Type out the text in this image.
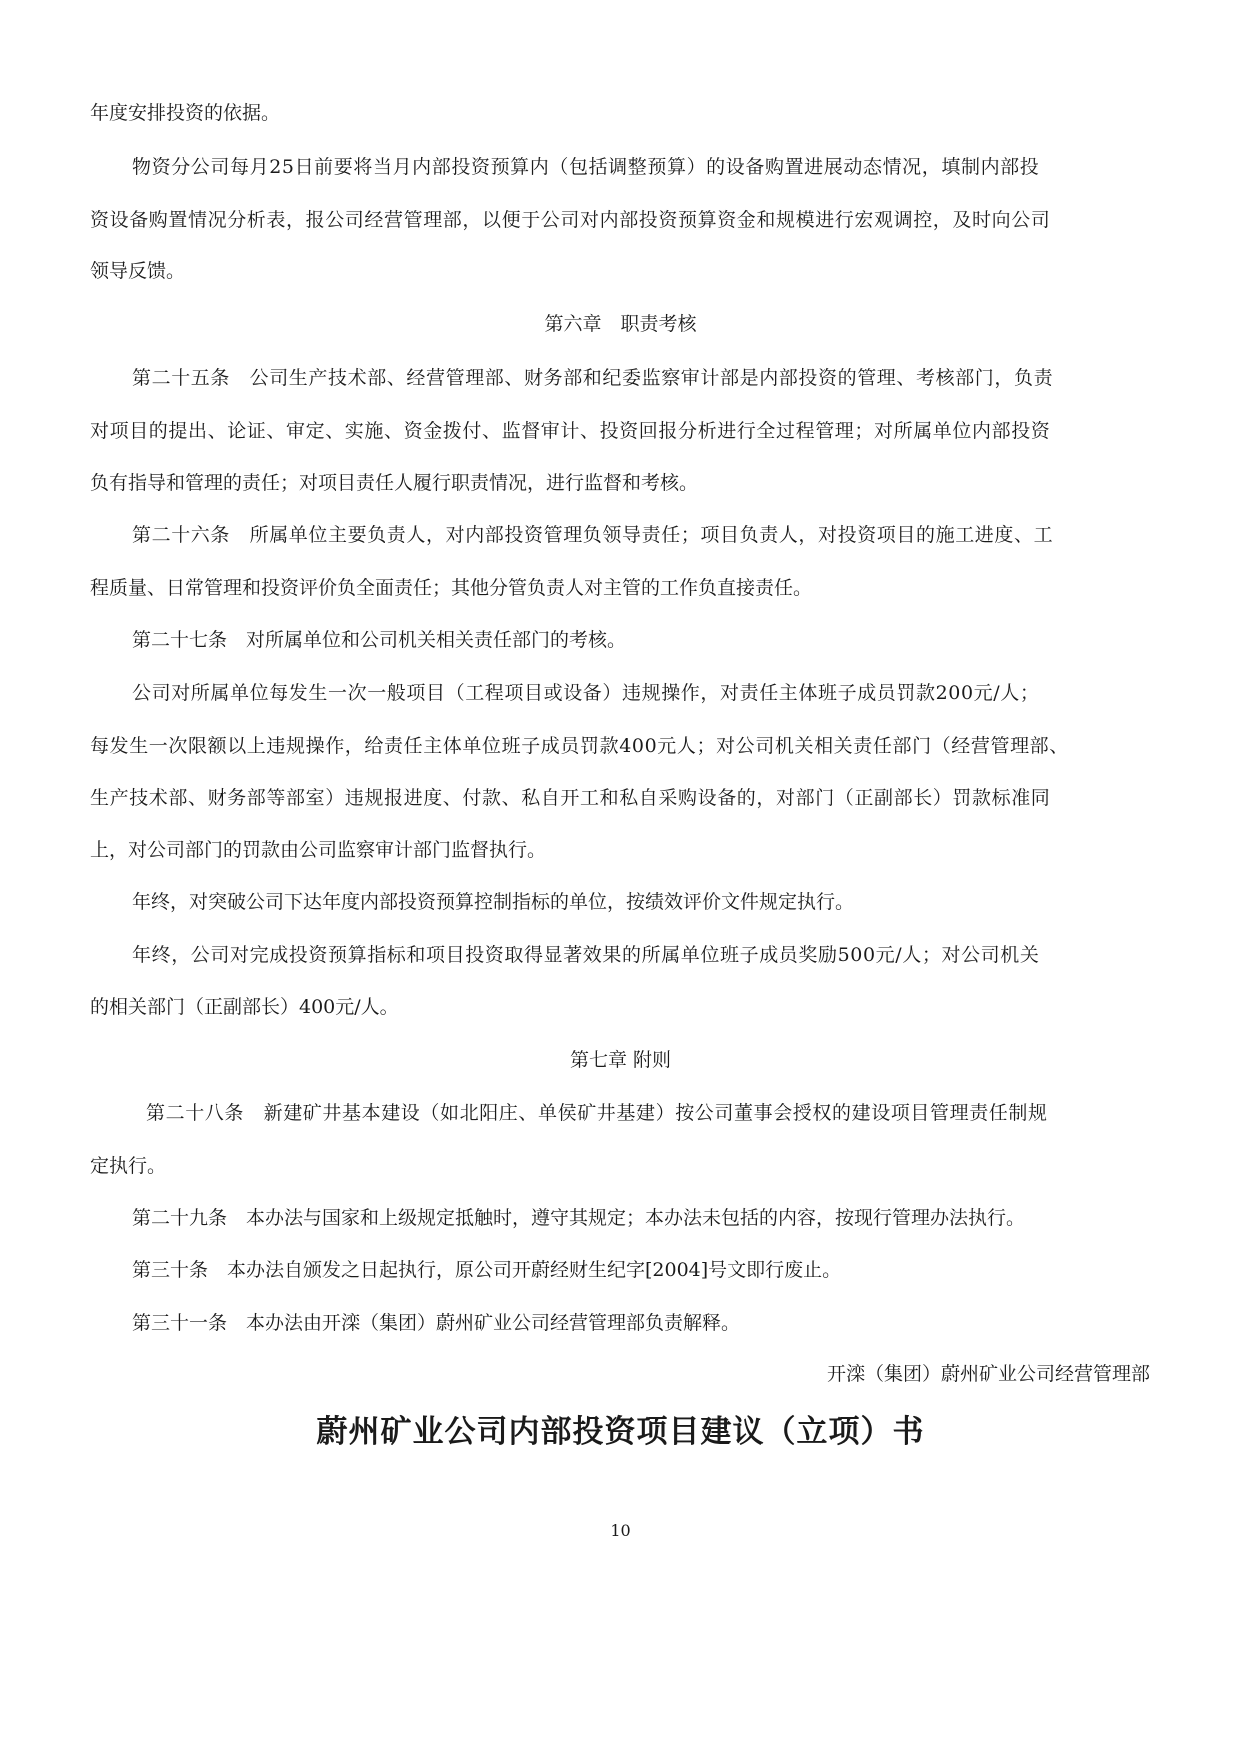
年度安排投资的依据。
物资分公司每月25日前要将当月内部投资预算内（包括调整预算）的设备购置进展动态情况，填制内部投
资设备购置情况分析表，报公司经营管理部，以便于公司对内部投资预算资金和规模进行宏观调控，及时向公司
领导反馈。
第六章　职责考核
第二十五条　公司生产技术部、经营管理部、财务部和纪委监察审计部是内部投资的管理、考核部门，负责
对项目的提出、论证、审定、实施、资金拨付、监督审计、投资回报分析进行全过程管理；对所属单位内部投资
负有指导和管理的责任；对项目责任人履行职责情况，进行监督和考核。
第二十六条　所属单位主要负责人，对内部投资管理负领导责任；项目负责人，对投资项目的施工进度、工
程质量、日常管理和投资评价负全面责任；其他分管负责人对主管的工作负直接责任。
第二十七条　对所属单位和公司机关相关责任部门的考核。
公司对所属单位每发生一次一般项目（工程项目或设备）违规操作，对责任主体班子成员罚款200元/人；
每发生一次限额以上违规操作，给责任主体单位班子成员罚款400元人；对公司机关相关责任部门（经营管理部、
生产技术部、财务部等部室）违规报进度、付款、私自开工和私自采购设备的，对部门（正副部长）罚款标准同
上，对公司部门的罚款由公司监察审计部门监督执行。
年终，对突破公司下达年度内部投资预算控制指标的单位，按绩效评价文件规定执行。
年终，公司对完成投资预算指标和项目投资取得显著效果的所属单位班子成员奖励500元/人；对公司机关
的相关部门（正副部长）400元/人。
第七章 附则
第二十八条　新建矿井基本建设（如北阳庄、单侯矿井基建）按公司董事会授权的建设项目管理责任制规
定执行。
第二十九条　本办法与国家和上级规定抵触时，遵守其规定；本办法未包括的内容，按现行管理办法执行。
第三十条　本办法自颁发之日起执行，原公司开蔚经财生纪字[2004]号文即行废止。
第三十一条　本办法由开滦（集团）蔚州矿业公司经营管理部负责解释。
开滦（集团）蔚州矿业公司经营管理部
蔚州矿业公司内部投资项目建议（立项）书
10
